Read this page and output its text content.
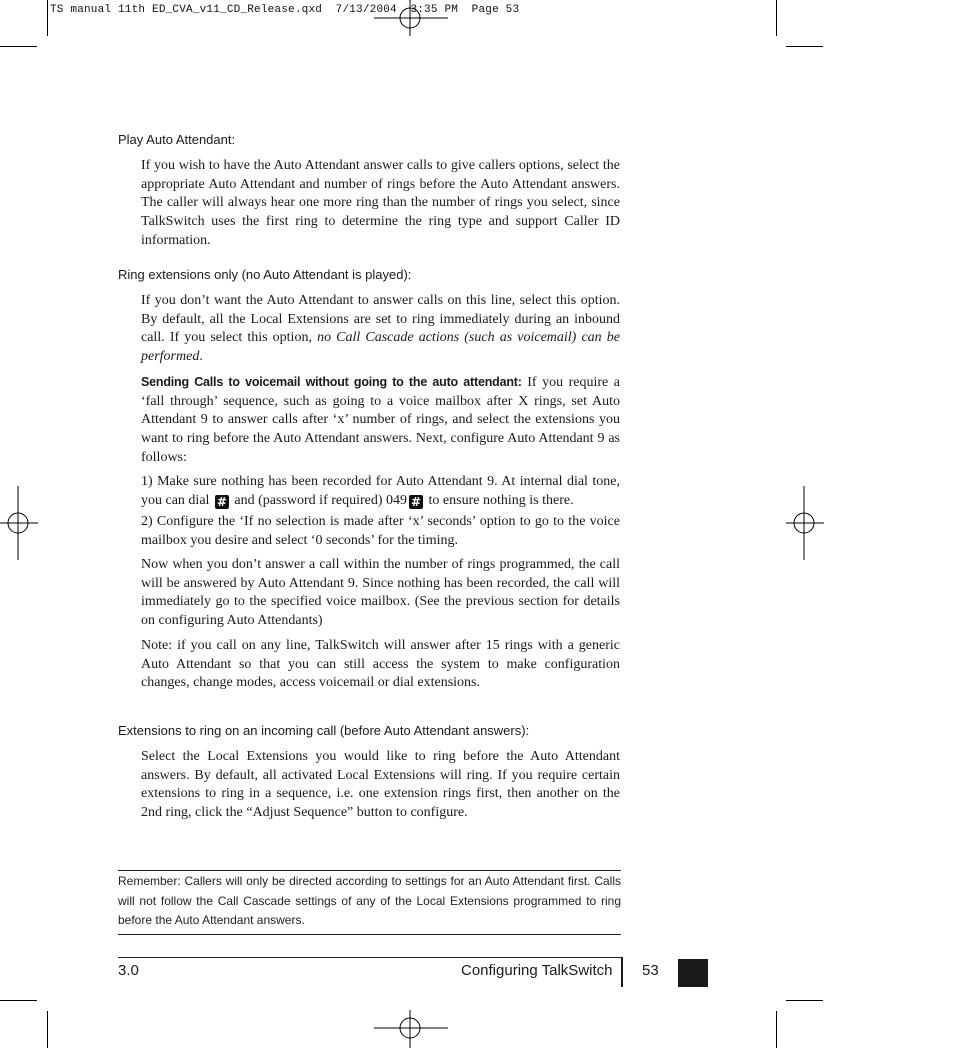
TS manual 11th ED_CVA_v11_CD_Release.qxd  7/13/2004  3:35 PM  Page 53
Play Auto Attendant:

If you wish to have the Auto Attendant answer calls to give callers options, select the appropriate Auto Attendant and number of rings before the Auto Attendant answers. The caller will always hear one more ring than the number of rings you select, since TalkSwitch uses the first ring to determine the ring type and support Caller ID information.

Ring extensions only (no Auto Attendant is played):

If you don’t want the Auto Attendant to answer calls on this line, select this option. By default, all the Local Extensions are set to ring immediately during an inbound call. If you select this option, no Call Cascade actions (such as voicemail) can be performed.

Sending Calls to voicemail without going to the auto attendant: If you require a ‘fall through’ sequence, such as going to a voice mailbox after X rings, set Auto Attendant 9 to answer calls after ‘x’ number of rings, and select the extensions you want to ring before the Auto Attendant answers. Next, configure Auto Attendant 9 as follows:

1) Make sure nothing has been recorded for Auto Attendant 9. At internal dial tone, you can dial # and (password if required) 049 # to ensure nothing is there.

2) Configure the ‘If no selection is made after ‘x’ seconds’ option to go to the voice mailbox you desire and select ‘0 seconds’ for the timing.

Now when you don’t answer a call within the number of rings programmed, the call will be answered by Auto Attendant 9. Since nothing has been recorded, the call will immediately go to the specified voice mailbox. (See the previous section for details on configuring Auto Attendants)

Note: if you call on any line, TalkSwitch will answer after 15 rings with a generic Auto Attendant so that you can still access the system to make configuration changes, change modes, access voicemail or dial extensions.

Extensions to ring on an incoming call (before Auto Attendant answers):

Select the Local Extensions you would like to ring before the Auto Attendant answers. By default, all activated Local Extensions will ring. If you require certain extensions to ring in a sequence, i.e. one extension rings first, then another on the 2nd ring, click the “Adjust Sequence” button to configure.

Remember: Callers will only be directed according to settings for an Auto Attendant first. Calls will not follow the Call Cascade settings of any of the Local Extensions programmed to ring before the Auto Attendant answers.
3.0	Configuring TalkSwitch 53
